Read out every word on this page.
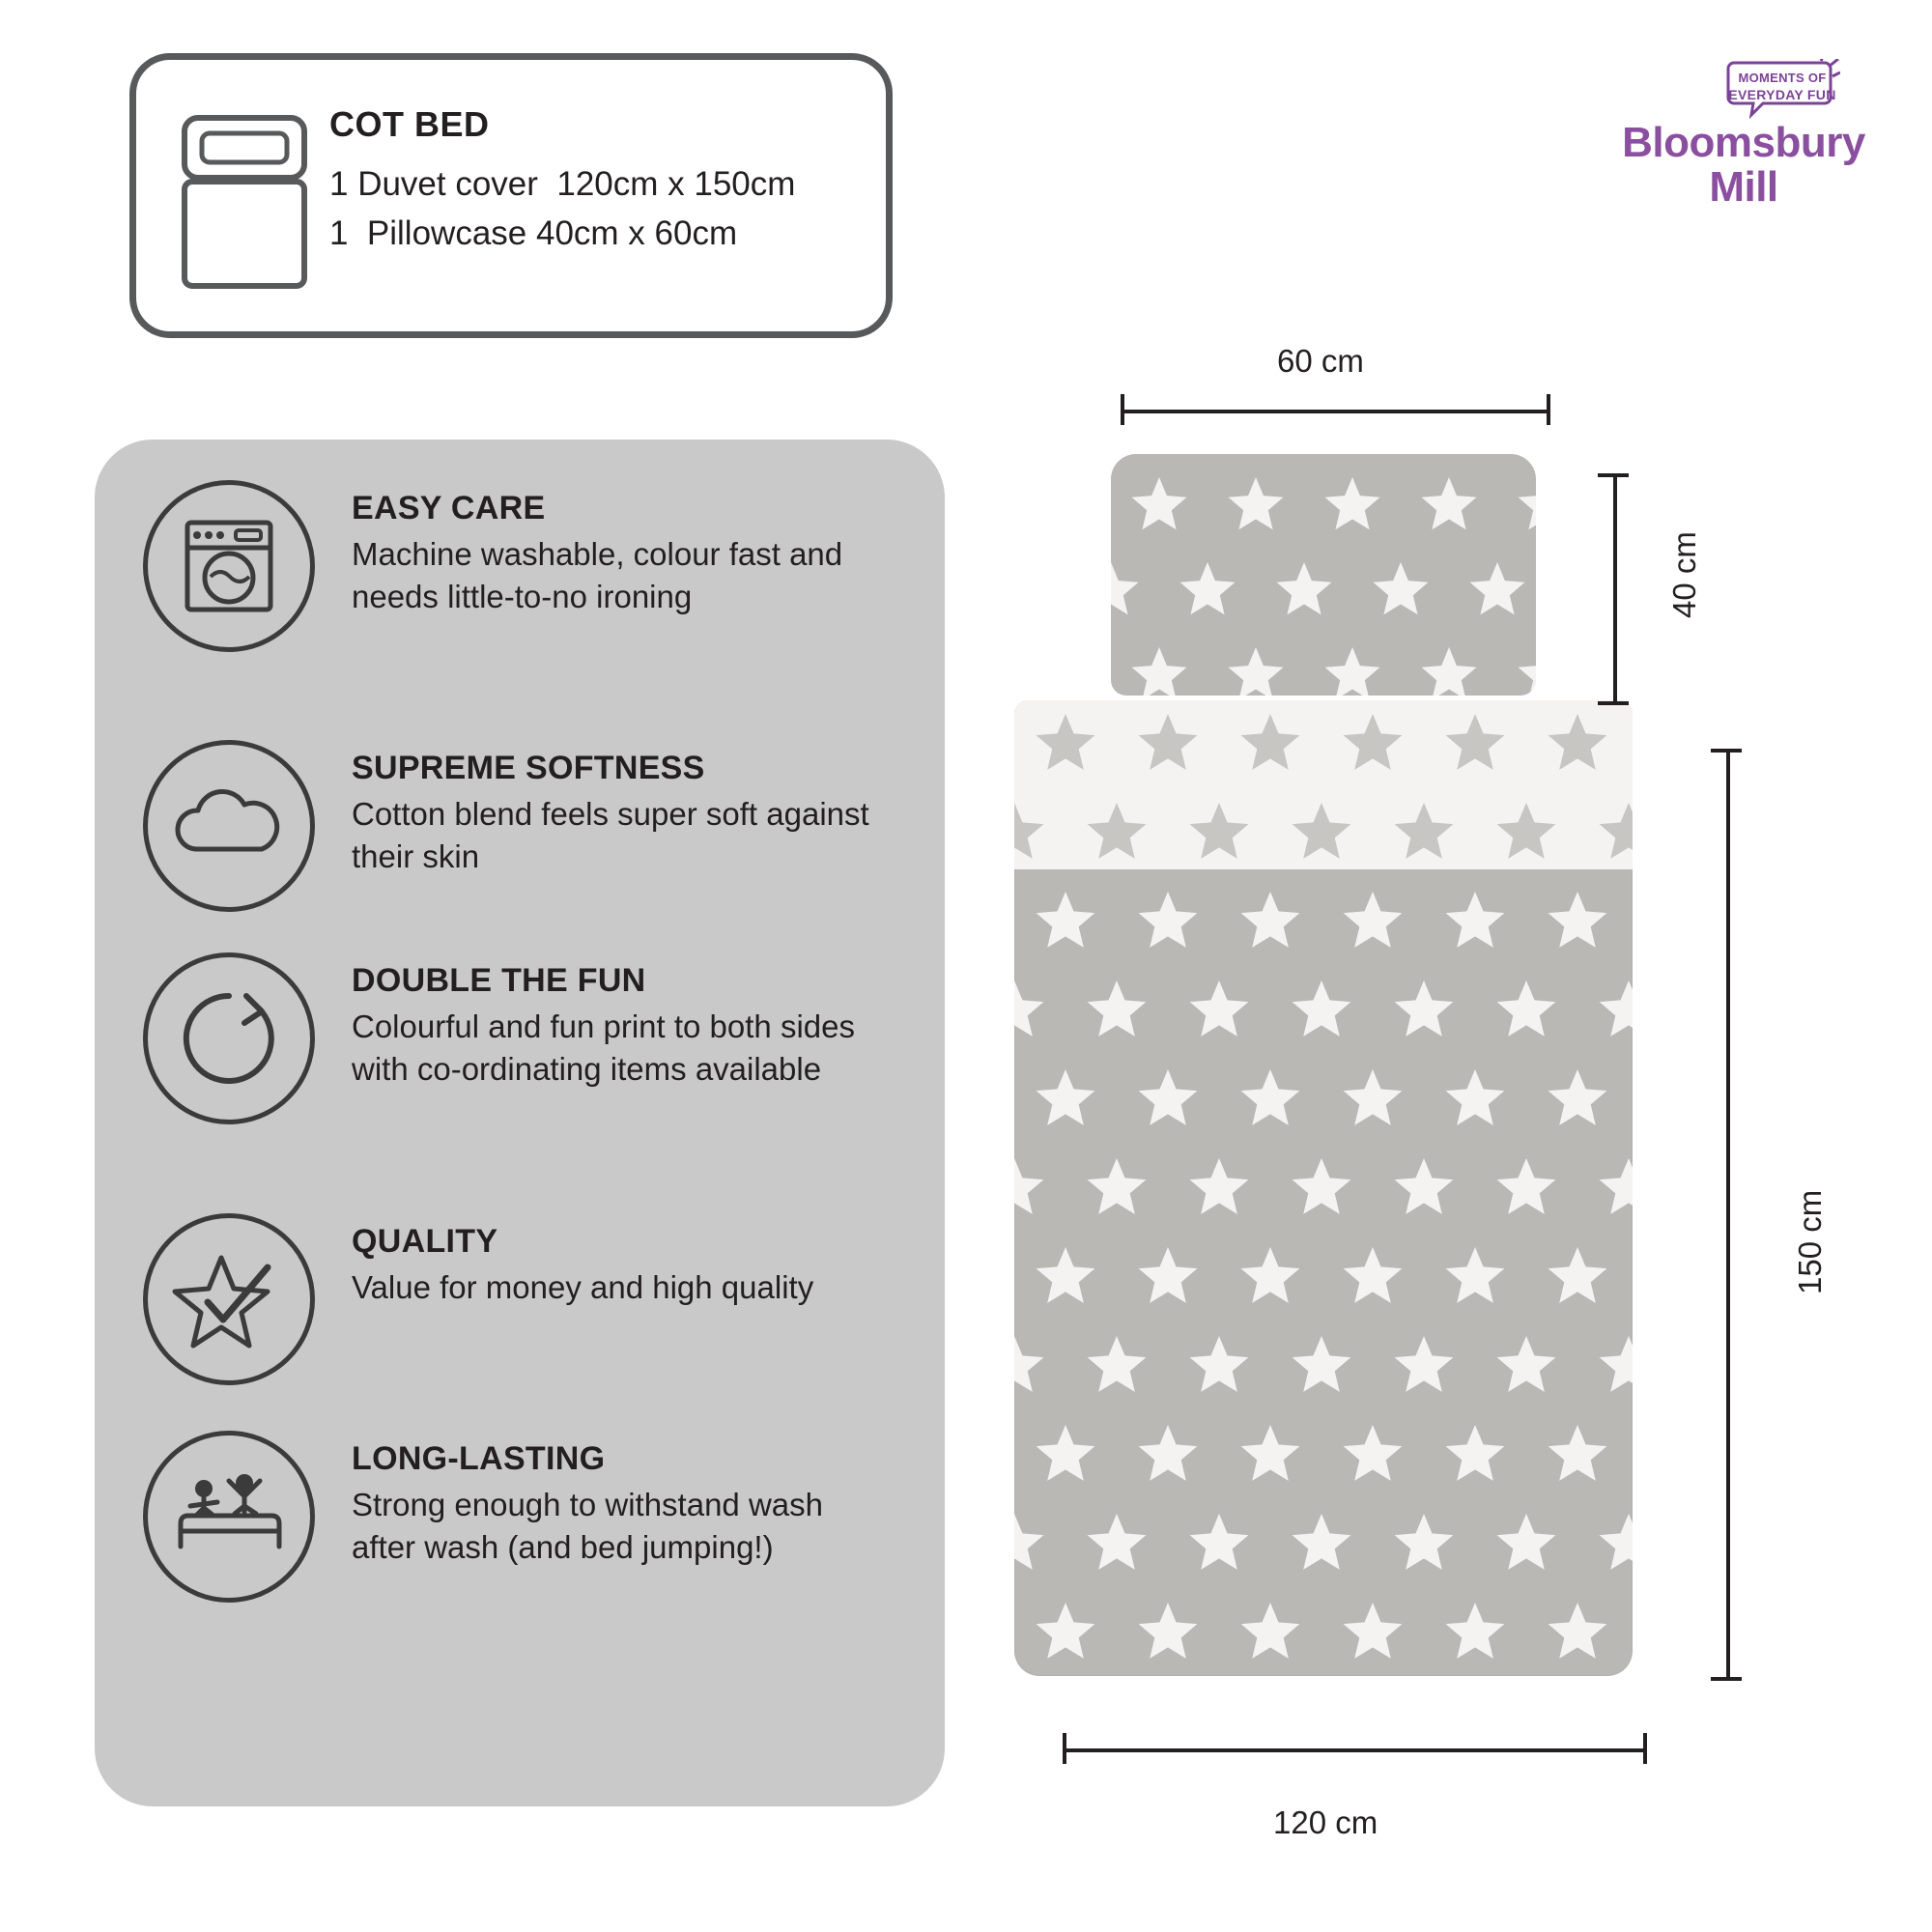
COT BED
1 Duvet cover  120cm x 150cm
1  Pillowcase 40cm x 60cm
MOMENTS OF
EVERYDAY FUN
Bloomsbury
Mill
EASY CARE
Machine washable, colour fast and needs little-to-no ironing
SUPREME SOFTNESS
Cotton blend feels super soft against their skin
DOUBLE THE FUN
Colourful and fun print to both sides with co-ordinating items available
QUALITY
Value for money and high quality
LONG-LASTING
Strong enough to withstand wash after wash (and bed jumping!)
60 cm
40 cm
150 cm
120 cm
